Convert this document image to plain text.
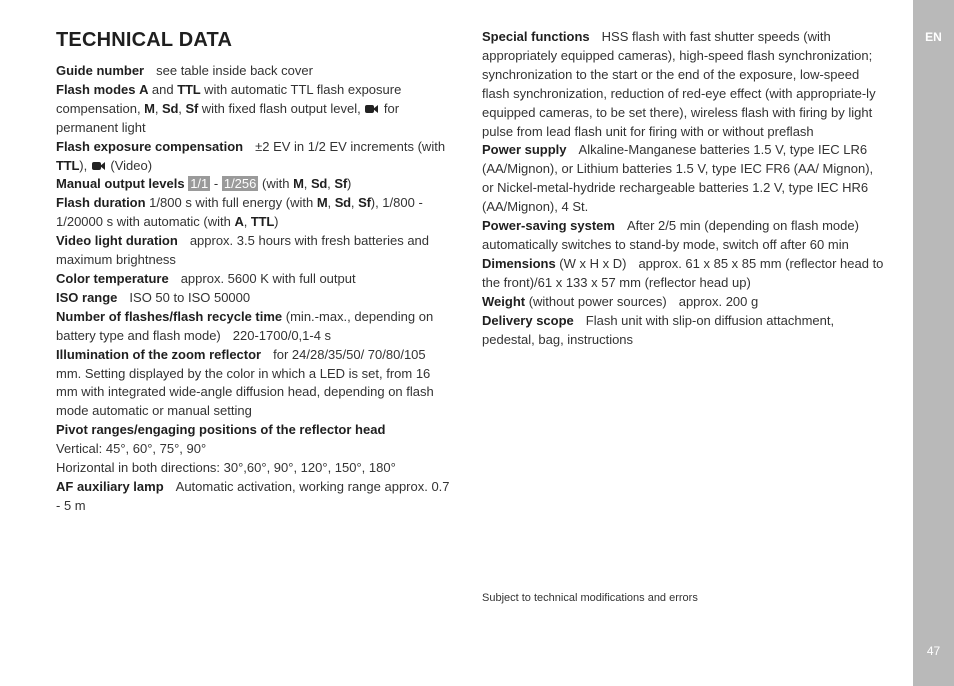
TECHNICAL DATA

Guide number see table inside back cover

Flash modes A and TTL with automatic TTL flash exposure compensation, M, Sd, Sf with fixed flash output level,
for permanent light

Flash exposure compensation ±2 EV in 1/2 EV increments (with TTL),
(Video)

Manual output levels 1/1 - 1/256 (with M, Sd, Sf)

Flash duration 1/800 s with full energy (with M, Sd, Sf), 1/800 - 1/20000 s with automatic (with A, TTL)

Video light duration approx. 3.5 hours with fresh batteries and maximum brightness

Color temperature approx. 5600 K with full output

ISO range ISO 50 to ISO 50000

Number of flashes/flash recycle time (min.-max., depending on battery type and flash mode) 220-1700/0,1-4 s

Illumination of the zoom reflector for 24/28/35/50/ 70/80/105 mm. Setting displayed by the color in which a LED is set, from 16 mm with integrated wide-angle diffusion head, depending on flash mode automatic or manual setting

Pivot ranges/engaging positions of the reflector head
Vertical: 45°, 60°, 75°, 90°
Horizontal in both directions: 30°,60°, 90°, 120°, 150°, 180°

AF auxiliary lamp Automatic activation, working range approx. 0.7 - 5 m

Special functions HSS flash with fast shutter speeds (with appropriately equipped cameras), high-speed flash synchronization; synchronization to the start or the end of the exposure, low-speed flash synchronization, reduction of red-eye effect (with appropriate-ly equipped cameras, to be set there), wireless flash with firing by light pulse from lead flash unit for firing with or without preflash

Power supply Alkaline-Manganese batteries 1.5 V, type IEC LR6 (AA/Mignon), or Lithium batteries 1.5 V, type IEC FR6 (AA/ Mignon), or Nickel-metal-hydride rechargeable batteries 1.2 V, type IEC HR6 (AA/Mignon), 4 St.

Power-saving system After 2/5 min (depending on flash mode) automatically switches to stand-by mode, switch off after 60 min

Dimensions (W x H x D) approx. 61 x 85 x 85 mm (reflector head to the front)/61 x 133 x 57 mm (reflector head up)

Weight (without power sources) approx. 200 g

Delivery scope Flash unit with slip-on diffusion attachment, pedestal, bag, instructions

Subject to technical modifications and errors
EN
47
